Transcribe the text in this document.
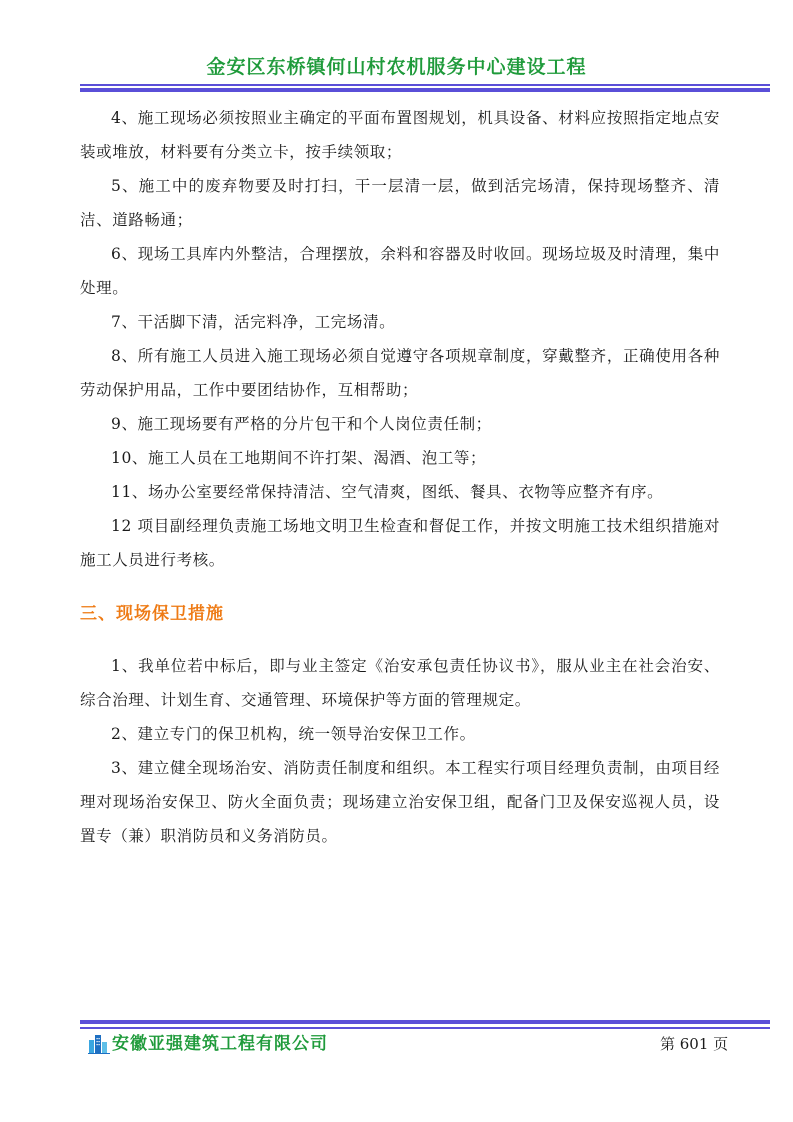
金安区东桥镇何山村农机服务中心建设工程

4、施工现场必须按照业主确定的平面布置图规划，机具设备、材料应按照指定地点安装或堆放，材料要有分类立卡，按手续领取；

5、施工中的废弃物要及时打扫，干一层清一层，做到活完场清，保持现场整齐、清洁、道路畅通；

6、现场工具库内外整洁，合理摆放，余料和容器及时收回。现场垃圾及时清理，集中处理。

7、干活脚下清，活完料净，工完场清。

8、所有施工人员进入施工现场必须自觉遵守各项规章制度，穿戴整齐，正确使用各种劳动保护用品，工作中要团结协作，互相帮助；

9、施工现场要有严格的分片包干和个人岗位责任制；

10、施工人员在工地期间不许打架、渴酒、泡工等；

11、场办公室要经常保持清洁、空气清爽，图纸、餐具、衣物等应整齐有序。

12 项目副经理负责施工场地文明卫生检查和督促工作，并按文明施工技术组织措施对施工人员进行考核。

三、现场保卫措施

1、我单位若中标后，即与业主签定《治安承包责任协议书》，服从业主在社会治安、综合治理、计划生育、交通管理、环境保护等方面的管理规定。

2、建立专门的保卫机构，统一领导治安保卫工作。

3、建立健全现场治安、消防责任制度和组织。本工程实行项目经理负责制，由项目经理对现场治安保卫、防火全面负责；现场建立治安保卫组，配备门卫及保安巡视人员，设置专（兼）职消防员和义务消防员。

安徽亚强建筑工程有限公司	第 601 页
